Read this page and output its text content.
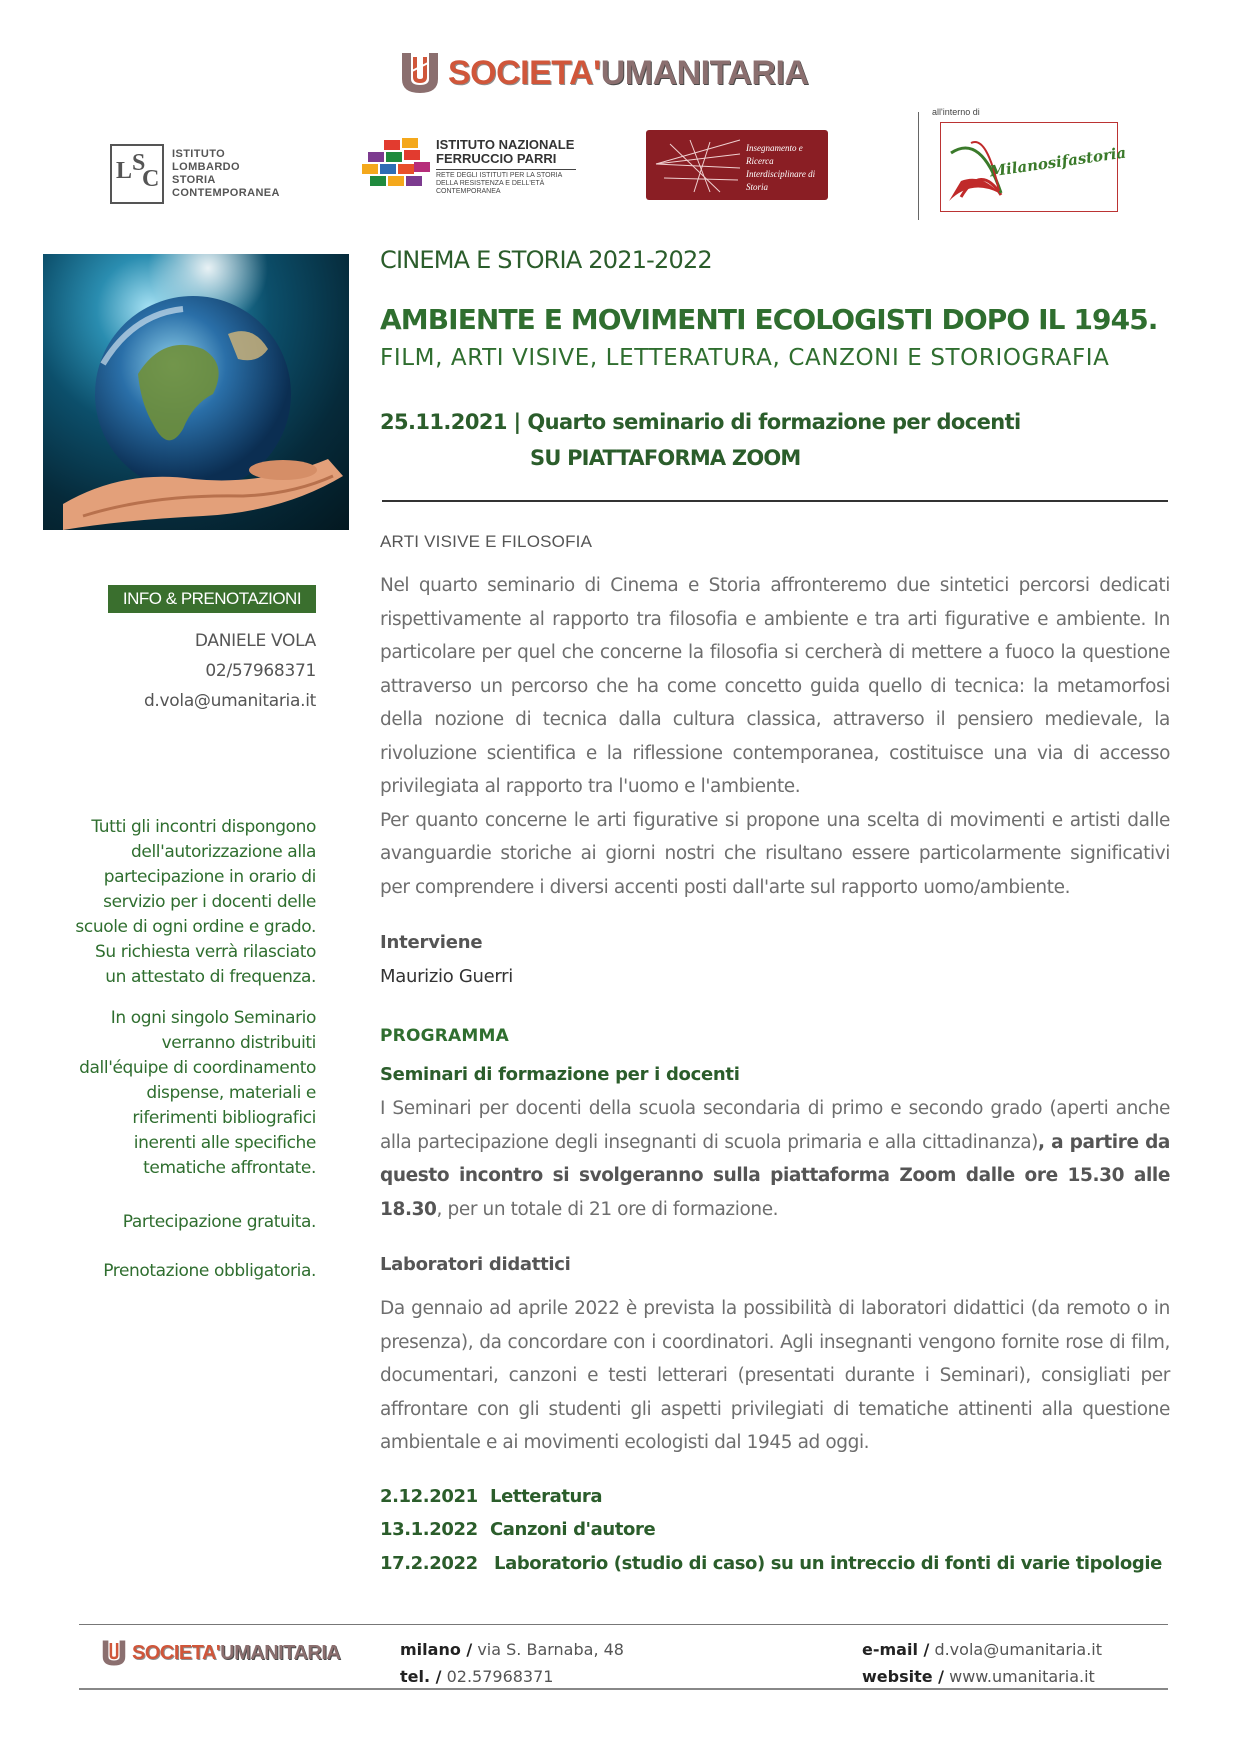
SOCIETA'UMANITARIA
L S
C
ISTITUTO
LOMBARDO
STORIA
CONTEMPORANEA
ISTITUTO NAZIONALE
FERRUCCIO PARRI
RETE DEGLI ISTITUTI PER LA STORIA DELLA RESISTENZA E DELL'ETÀ CONTEMPORANEA
Insegnamento e
Ricerca
Interdisciplinare di
Storia
all'interno di
Milanosifastoria
CINEMA E STORIA 2021-2022
AMBIENTE E MOVIMENTI ECOLOGISTI DOPO IL 1945.
FILM, ARTI VISIVE, LETTERATURA, CANZONI E STORIOGRAFIA
25.11.2021 | Quarto seminario di formazione per docenti
SU PIATTAFORMA ZOOM
ARTI VISIVE E FILOSOFIA
Nel quarto seminario di Cinema e Storia affronteremo due sintetici percorsi dedicati rispettivamente al rapporto tra filosofia e ambiente e tra arti figurative e ambiente. In particolare per quel che concerne la filosofia si cercherà di mettere a fuoco la questione attraverso un percorso che ha come concetto guida quello di tecnica: la metamorfosi della nozione di tecnica dalla cultura classica, attraverso il pensiero medievale, la rivoluzione scientifica e la riflessione contemporanea, costituisce una via di accesso privilegiata al rapporto tra l'uomo e l'ambiente.
Per quanto concerne le arti figurative si propone una scelta di movimenti e artisti dalle avanguardie storiche ai giorni nostri che risultano essere particolarmente significativi per comprendere i diversi accenti posti dall'arte sul rapporto uomo/ambiente.
Interviene
Maurizio Guerri
PROGRAMMA
Seminari di formazione per i docenti
I Seminari per docenti della scuola secondaria di primo e secondo grado (aperti anche alla partecipazione degli insegnanti di scuola primaria e alla cittadinanza), a partire da questo incontro si svolgeranno sulla piattaforma Zoom dalle ore 15.30 alle 18.30, per un totale di 21 ore di formazione.
Laboratori didattici
Da gennaio ad aprile 2022 è prevista la possibilità di laboratori didattici (da remoto o in presenza), da concordare con i coordinatori. Agli insegnanti vengono fornite rose di film, documentari, canzoni e testi letterari (presentati durante i Seminari), consigliati per affrontare con gli studenti gli aspetti privilegiati di tematiche attinenti alla questione ambientale e ai movimenti ecologisti dal 1945 ad oggi.
2.12.2021 Letteratura
13.1.2022 Canzoni d'autore
17.2.2022 Laboratorio (studio di caso) su un intreccio di fonti di varie tipologie
INFO & PRENOTAZIONI
DANIELE VOLA
02/57968371
d.vola@umanitaria.it
Tutti gli incontri dispongono
dell'autorizzazione alla
partecipazione in orario di
servizio per i docenti delle
scuole di ogni ordine e grado.
Su richiesta verrà rilasciato
un attestato di frequenza.
In ogni singolo Seminario
verranno distribuiti
dall'équipe di coordinamento
dispense, materiali e
riferimenti bibliografici
inerenti alle specifiche
tematiche affrontate.
Partecipazione gratuita.
Prenotazione obbligatoria.
SOCIETA'UMANITARIA	milano / via S. Barnaba, 48
tel. / 02.57968371
e-mail / d.vola@umanitaria.it
website / www.umanitaria.it
